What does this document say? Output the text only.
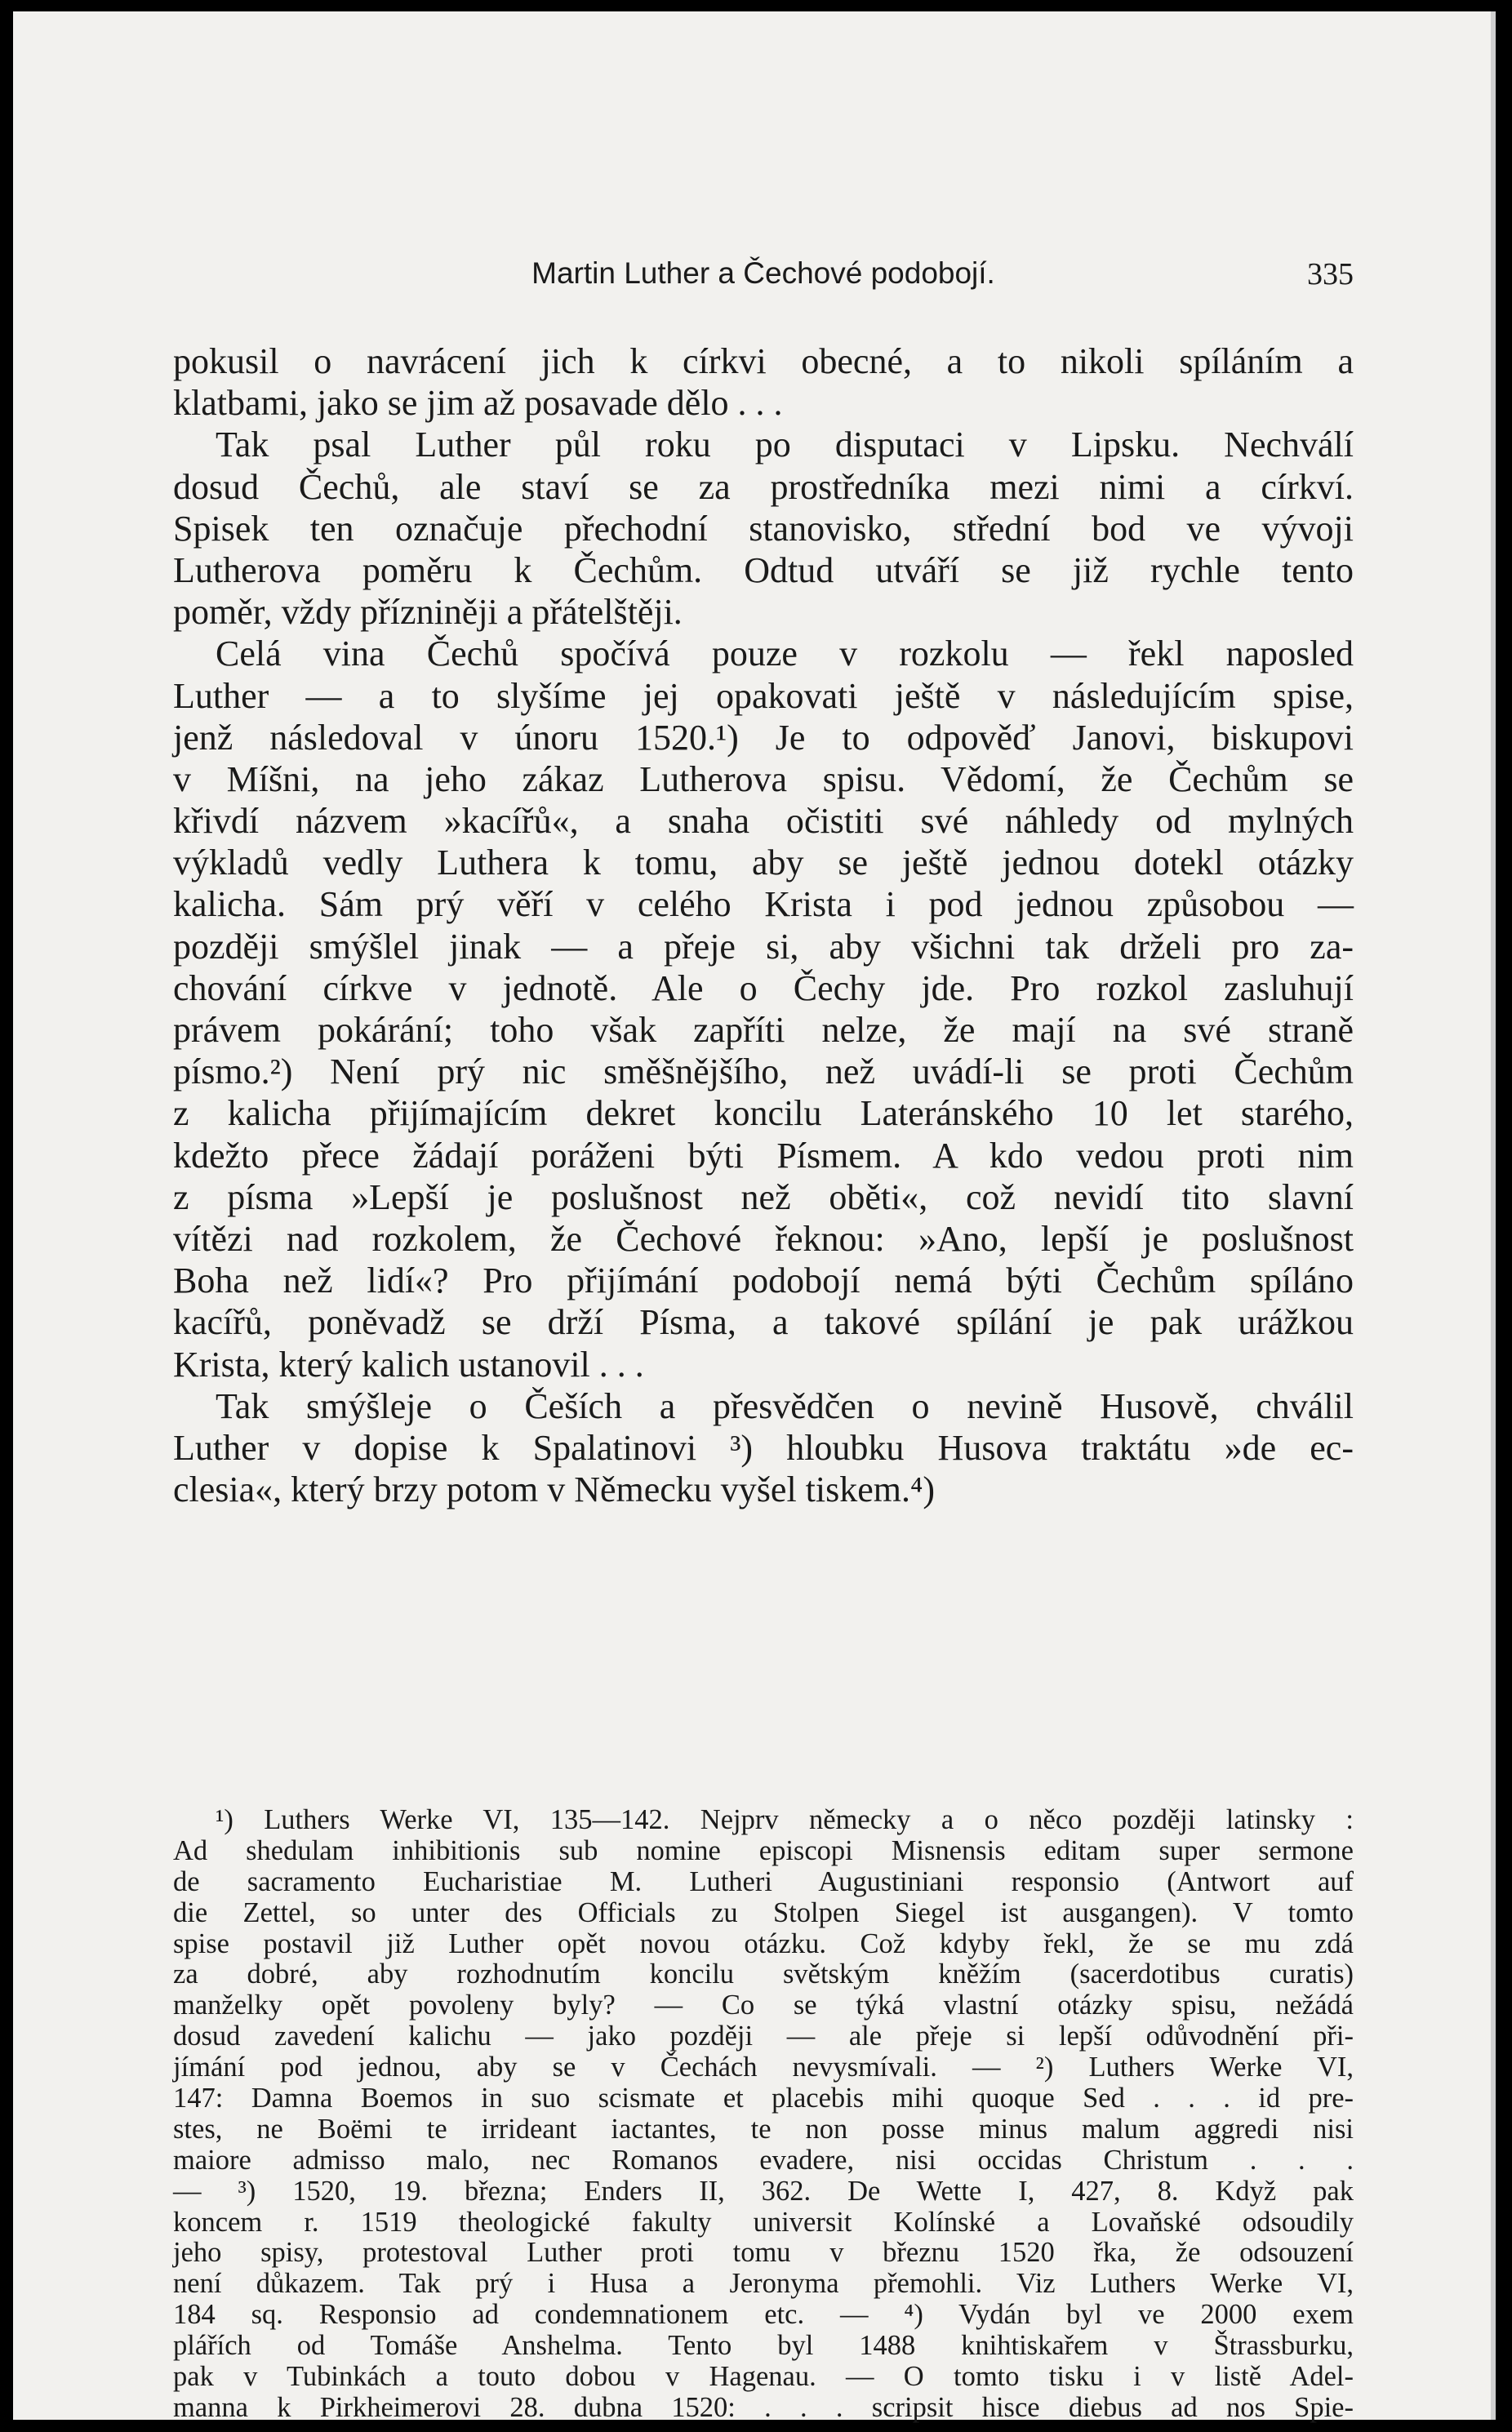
Martin Luther a Čechové podobojí.	335
pokusil o navrácení jich k církvi obecné, a to nikoli spíláním a
klatbami, jako se jim až posavade dělo . . .
Tak psal Luther půl roku po disputaci v Lipsku. Nechválí
dosud Čechů, ale staví se za prostředníka mezi nimi a církví.
Spisek ten označuje přechodní stanovisko, střední bod ve vývoji
Lutherova poměru k Čechům. Odtud utváří se již rychle tento
poměr, vždy přízniněji a přátelštěji.
Celá vina Čechů spočívá pouze v rozkolu — řekl naposled
Luther — a to slyšíme jej opakovati ještě v následujícím spise,
jenž následoval v únoru 1520.¹) Je to odpověď Janovi, biskupovi
v Míšni, na jeho zákaz Lutherova spisu. Vědomí, že Čechům se
křivdí názvem »kacířů«, a snaha očistiti své náhledy od mylných
výkladů vedly Luthera k tomu, aby se ještě jednou dotekl otázky
kalicha. Sám prý věří v celého Krista i pod jednou způsobou —
později smýšlel jinak — a přeje si, aby všichni tak drželi pro za-
chování církve v jednotě. Ale o Čechy jde. Pro rozkol zasluhují
právem pokárání; toho však zapříti nelze, že mají na své straně
písmo.²) Není prý nic směšnějšího, než uvádí-li se proti Čechům
z kalicha přijímajícím dekret koncilu Lateránského 10 let starého,
kdežto přece žádají poráženi býti Písmem. A kdo vedou proti nim
z písma »Lepší je poslušnost než oběti«, což nevidí tito slavní
vítězi nad rozkolem, že Čechové řeknou: »Ano, lepší je poslušnost
Boha než lidí«? Pro přijímání podobojí nemá býti Čechům spíláno
kacířů, poněvadž se drží Písma, a takové spílání je pak urážkou
Krista, který kalich ustanovil . . .
Tak smýšleje o Češích a přesvědčen o nevině Husově, chválil
Luther v dopise k Spalatinovi ³) hloubku Husova traktátu »de ec-
clesia«, který brzy potom v Německu vyšel tiskem.⁴)
¹) Luthers Werke VI, 135—142. Nejprv německy a o něco později latinsky :
Ad shedulam inhibitionis sub nomine episcopi Misnensis editam super sermone
de sacramento Eucharistiae M. Lutheri Augustiniani responsio (Antwort auf
die Zettel, so unter des Officials zu Stolpen Siegel ist ausgangen). V tomto
spise postavil již Luther opět novou otázku. Což kdyby řekl, že se mu zdá
za dobré, aby rozhodnutím koncilu světským kněžím (sacerdotibus curatis)
manželky opět povoleny byly? — Co se týká vlastní otázky spisu, nežádá
dosud zavedení kalichu — jako později — ale přeje si lepší odůvodnění při-
jímání pod jednou, aby se v Čechách nevysmívali. — ²) Luthers Werke VI,
147: Damna Boemos in suo scismate et placebis mihi quoque Sed . . . id pre-
stes, ne Boëmi te irrideant iactantes, te non posse minus malum aggredi nisi
maiore admisso malo, nec Romanos evadere, nisi occidas Christum . . .
— ³) 1520, 19. března; Enders II, 362. De Wette I, 427, 8. Když pak
koncem r. 1519 theologické fakulty universit Kolínské a Lovaňské odsoudily
jeho spisy, protestoval Luther proti tomu v březnu 1520 řka, že odsouzení
není důkazem. Tak prý i Husa a Jeronyma přemohli. Viz Luthers Werke VI,
184 sq. Responsio ad condemnationem etc. — ⁴) Vydán byl ve 2000 exem
plářích od Tomáše Anshelma. Tento byl 1488 knihtiskařem v Štrassburku,
pak v Tubinkách a touto dobou v Hagenau. — O tomto tisku i v listě Adel-
manna k Pirkheimerovi 28. dubna 1520: . . . scripsit hisce diebus ad nos Spie-
